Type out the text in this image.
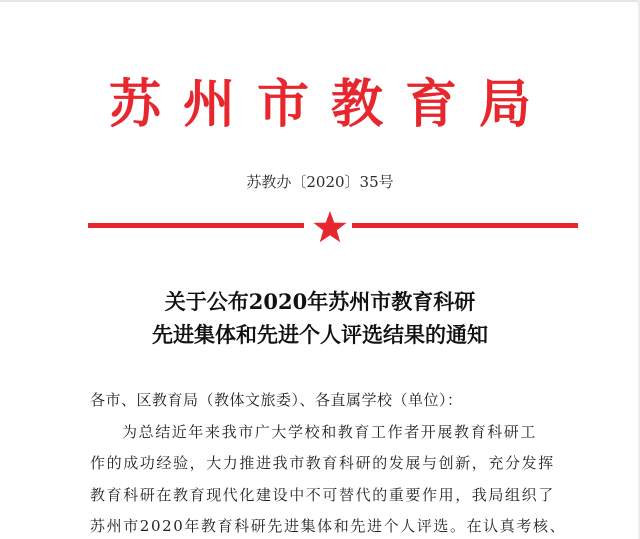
苏州市教育局
苏教办〔2020〕35号
关于公布2020年苏州市教育科研
先进集体和先进个人评选结果的通知
各市、区教育局（教体文旅委）、各直属学校（单位）：
为总结近年来我市广大学校和教育工作者开展教育科研工
作的成功经验，大力推进我市教育科研的发展与创新，充分发挥
教育科研在教育现代化建设中不可替代的重要作用，我局组织了
苏州市2020年教育科研先进集体和先进个人评选。在认真考核、
